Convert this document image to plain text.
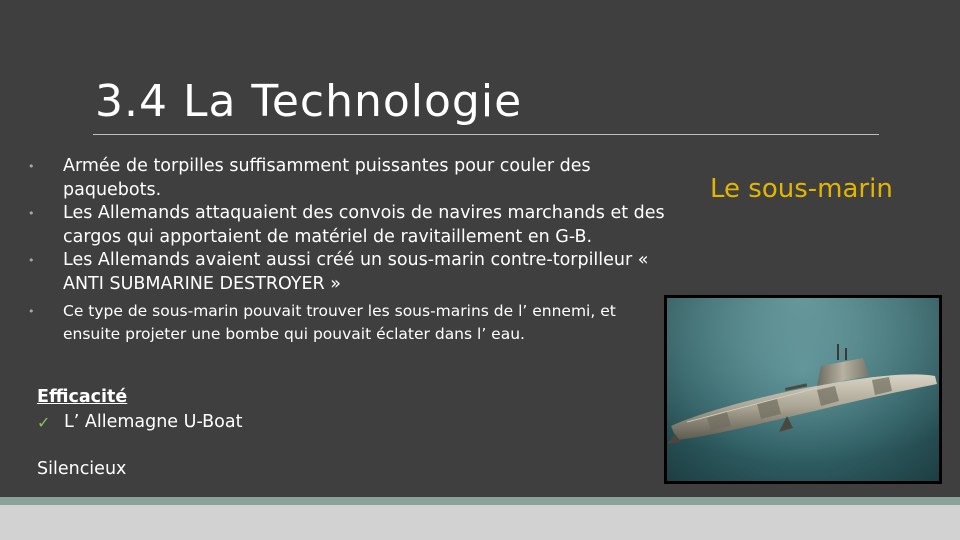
3.4 La Technologie
• Armée de torpilles suffisamment puissantes pour couler des paquebots.
• Les Allemands attaquaient des convois de navires marchands et des cargos qui apportaient de matériel de ravitaillement en G-B.
• Les Allemands avaient aussi créé un sous-marin contre-torpilleur « ANTI SUBMARINE DESTROYER »
• Ce type de sous-marin pouvait trouver les sous-marins de l’ ennemi, et ensuite projeter une bombe qui pouvait éclater dans l’ eau.
Efficacité
✓ L’ Allemagne U-Boat
Silencieux
Le sous-marin
